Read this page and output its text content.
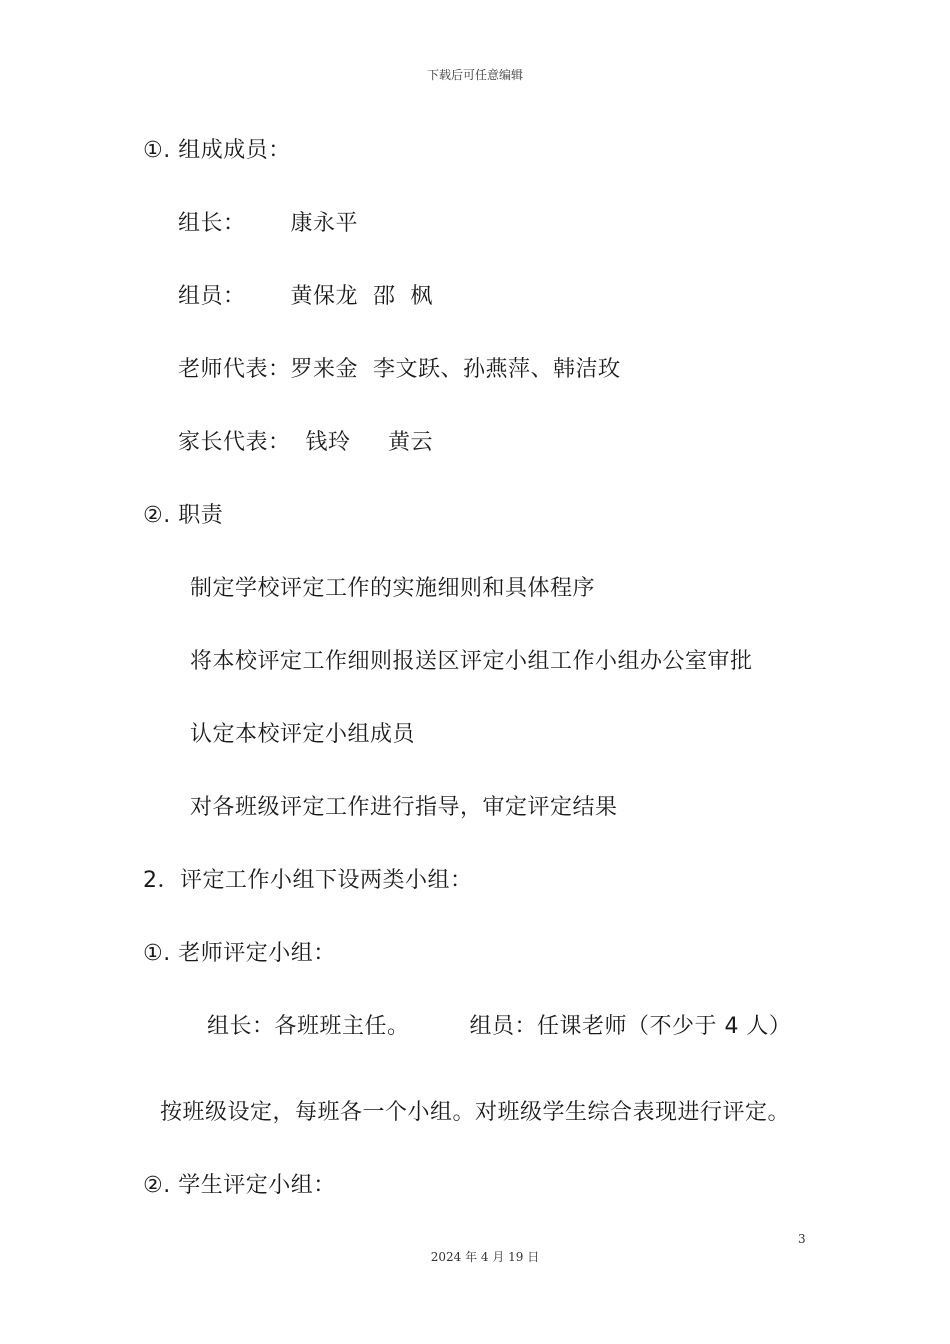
下载后可任意编辑
①. 组成成员：
组长：      康永平
组员：      黄保龙  邵  枫
老师代表：罗来金  李文跃、孙燕萍、韩洁玫
家长代表：  钱玲     黄云
②. 职责
制定学校评定工作的实施细则和具体程序
将本校评定工作细则报送区评定小组工作小组办公室审批
认定本校评定小组成员
对各班级评定工作进行指导，审定评定结果
2．评定工作小组下设两类小组：
①. 老师评定小组：
组长：各班班主任。        组员：任课老师（不少于 4 人）
按班级设定，每班各一个小组。对班级学生综合表现进行评定。
②. 学生评定小组：
3
2024 年 4 月 19 日
